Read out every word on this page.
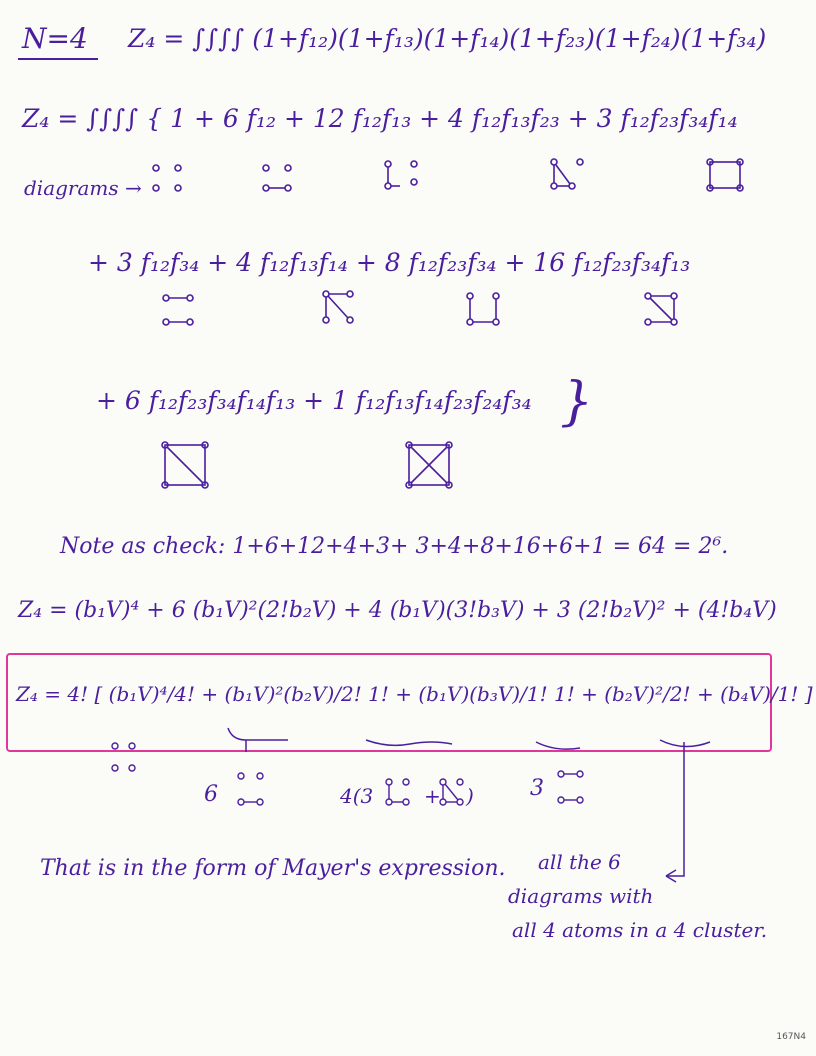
N=4 Z₄ = ∫∫∫∫ (1+f₁₂)(1+f₁₃)(1+f₁₄)(1+f₂₃)(1+f₂₄)(1+f₃₄)
Z₄ = ∫∫∫∫ { 1 + 6 f₁₂ + 12 f₁₂f₁₃ + 4 f₁₂f₁₃f₂₃ + 3 f₁₂f₂₃f₃₄f₁₄
diagrams →
+ 3 f₁₂f₃₄ + 4 f₁₂f₁₃f₁₄ + 8 f₁₂f₂₃f₃₄ + 16 f₁₂f₂₃f₃₄f₁₃
+ 6 f₁₂f₂₃f₃₄f₁₄f₁₃ + 1 f₁₂f₁₃f₁₄f₂₃f₂₄f₃₄ }
Note as check: 1+6+12+4+3+ 3+4+8+16+6+1 = 64 = 2⁶.
Z₄ = (b₁V)⁴ + 6 (b₁V)²(2!b₂V) + 4 (b₁V)(3!b₃V) + 3 (2!b₂V)² + (4!b₄V)
Z₄ = 4! [ (b₁V)⁴/4! + (b₁V)²(b₂V)/2! 1! + (b₁V)(b₃V)/1! 1! + (b₂V)²/2! + (b₄V)/1! ]
6	4(3	+ )	3
That is in the form of Mayer's expression. all the 6
diagrams with
all 4 atoms in a 4 cluster.
167N4
